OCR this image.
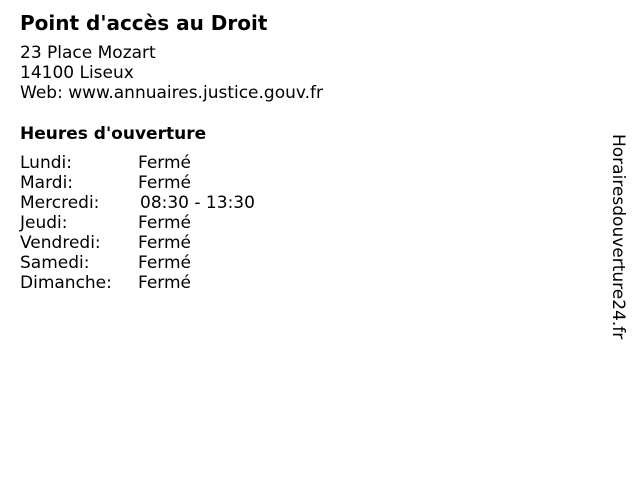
Point d'accès au Droit
23 Place Mozart
14100 Liseux
Web: www.annuaires.justice.gouv.fr
Heures d'ouverture
Lundi:	Fermé
Mardi:	Fermé
Mercredi: 08:30 - 13:30
Jeudi:	Fermé
Vendredi: Fermé
Samedi:	Fermé
Dimanche: Fermé	Horairesdouverture24.fr
